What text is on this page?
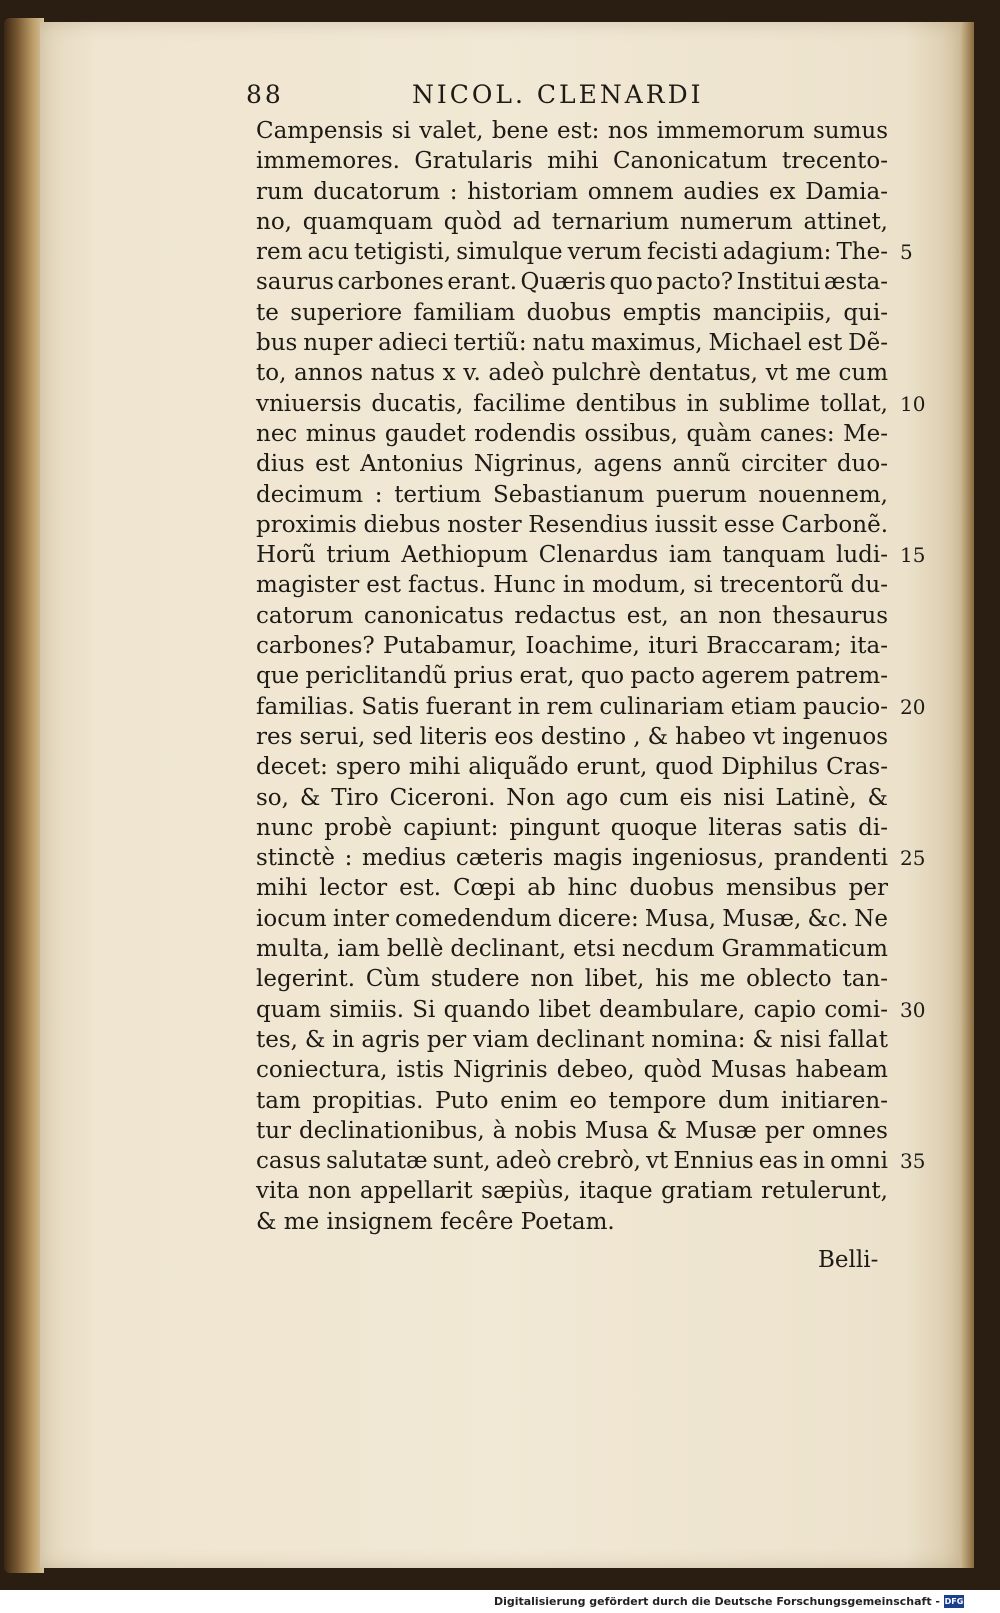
88	NICOL. CLENARDI
Campensis si valet, bene est: nos immemorum sumus
immemores. Gratularis mihi Canonicatum trecento-
rum ducatorum : historiam omnem audies ex Damia-
no, quamquam quòd ad ternarium numerum attinet,
rem acu tetigisti, simulque verum fecisti adagium: The- 5
saurus carbones erant. Quæris quo pacto? Institui æsta-
te superiore familiam duobus emptis mancipiis, qui-
bus nuper adieci tertiũ: natu maximus, Michael est Dẽ-
to, annos natus x v. adeò pulchrè dentatus, vt me cum
vniuersis ducatis, facilime dentibus in sublime tollat, 10
nec minus gaudet rodendis ossibus, quàm canes: Me-
dius est Antonius Nigrinus, agens annũ circiter duo-
decimum : tertium Sebastianum puerum nouennem,
proximis diebus noster Resendius iussit esse Carbonẽ.
Horũ trium Aethiopum Clenardus iam tanquam ludi- 15
magister est factus. Hunc in modum, si trecentorũ du-
catorum canonicatus redactus est, an non thesaurus
carbones? Putabamur, Ioachime, ituri Braccaram; ita-
que periclitandũ prius erat, quo pacto agerem patrem-
familias. Satis fuerant in rem culinariam etiam paucio- 20
res serui, sed literis eos destino , & habeo vt ingenuos
decet: spero mihi aliquãdo erunt, quod Diphilus Cras-
so, & Tiro Ciceroni. Non ago cum eis nisi Latinè, &
nunc probè capiunt: pingunt quoque literas satis di-
stinctè : medius cæteris magis ingeniosus, prandenti 25
mihi lector est. Cœpi ab hinc duobus mensibus per
iocum inter comedendum dicere: Musa, Musæ, &c. Ne
multa, iam bellè declinant, etsi necdum Grammaticum
legerint. Cùm studere non libet, his me oblecto tan-
quam simiis. Si quando libet deambulare, capio comi- 30
tes, & in agris per viam declinant nomina: & nisi fallat
coniectura, istis Nigrinis debeo, quòd Musas habeam
tam propitias. Puto enim eo tempore dum initiaren-
tur declinationibus, à nobis Musa & Musæ per omnes
casus salutatæ sunt, adeò crebrò, vt Ennius eas in omni 35
vita non appellarit sæpiùs, itaque gratiam retulerunt,
& me insignem fecêre Poetam.
Belli-
Digitalisierung gefördert durch die Deutsche Forschungsgemeinschaft - DFG
